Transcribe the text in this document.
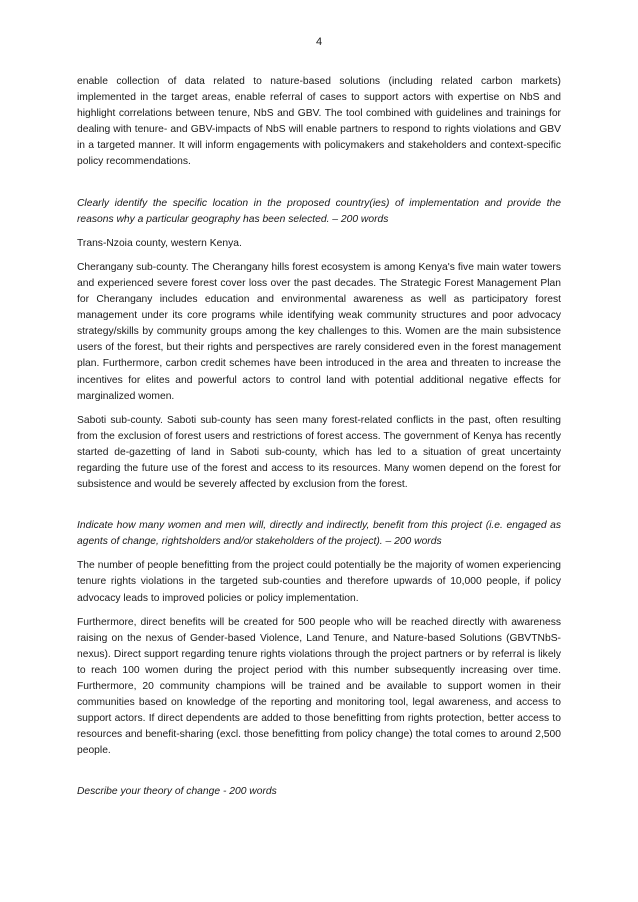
4

enable collection of data related to nature-based solutions (including related carbon markets) implemented in the target areas, enable referral of cases to support actors with expertise on NbS and highlight correlations between tenure, NbS and GBV. The tool combined with guidelines and trainings for dealing with tenure- and GBV-impacts of NbS will enable partners to respond to rights violations and GBV in a targeted manner. It will inform engagements with policymakers and stakeholders and context-specific policy recommendations.

Clearly identify the specific location in the proposed country(ies) of implementation and provide the reasons why a particular geography has been selected. – 200 words

Trans-Nzoia county, western Kenya.

Cherangany sub-county. The Cherangany hills forest ecosystem is among Kenya's five main water towers and experienced severe forest cover loss over the past decades. The Strategic Forest Management Plan for Cherangany includes education and environmental awareness as well as participatory forest management under its core programs while identifying weak community structures and poor advocacy strategy/skills by community groups among the key challenges to this. Women are the main subsistence users of the forest, but their rights and perspectives are rarely considered even in the forest management plan. Furthermore, carbon credit schemes have been introduced in the area and threaten to increase the incentives for elites and powerful actors to control land with potential additional negative effects for marginalized women.

Saboti sub-county. Saboti sub-county has seen many forest-related conflicts in the past, often resulting from the exclusion of forest users and restrictions of forest access. The government of Kenya has recently started de-gazetting of land in Saboti sub-county, which has led to a situation of great uncertainty regarding the future use of the forest and access to its resources. Many women depend on the forest for subsistence and would be severely affected by exclusion from the forest.

Indicate how many women and men will, directly and indirectly, benefit from this project (i.e. engaged as agents of change, rightsholders and/or stakeholders of the project). – 200 words

The number of people benefitting from the project could potentially be the majority of women experiencing tenure rights violations in the targeted sub-counties and therefore upwards of 10,000 people, if policy advocacy leads to improved policies or policy implementation.

Furthermore, direct benefits will be created for 500 people who will be reached directly with awareness raising on the nexus of Gender-based Violence, Land Tenure, and Nature-based Solutions (GBVTNbS-nexus). Direct support regarding tenure rights violations through the project partners or by referral is likely to reach 100 women during the project period with this number subsequently increasing over time. Furthermore, 20 community champions will be trained and be available to support women in their communities based on knowledge of the reporting and monitoring tool, legal awareness, and access to support actors. If direct dependents are added to those benefitting from rights protection, better access to resources and benefit-sharing (excl. those benefitting from policy change) the total comes to around 2,500 people.

Describe your theory of change - 200 words
